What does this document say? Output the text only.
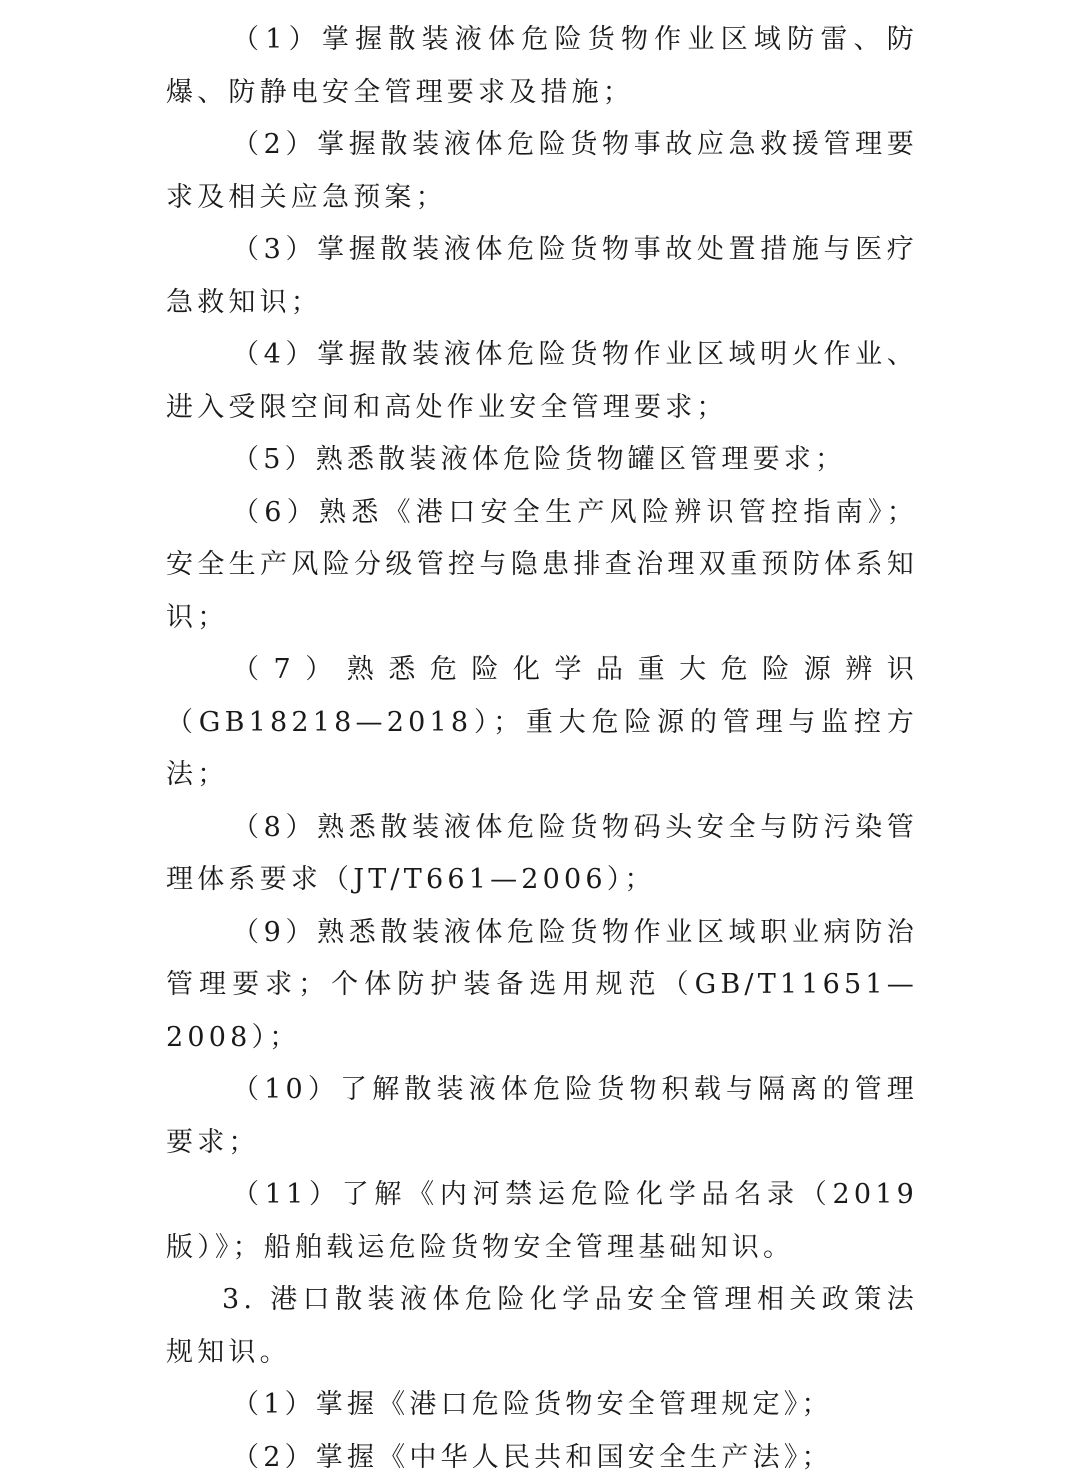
（1）掌握散装液体危险货物作业区域防雷、防爆、防静电安全管理要求及措施；

（2）掌握散装液体危险货物事故应急救援管理要求及相关应急预案；

（3）掌握散装液体危险货物事故处置措施与医疗急救知识；

（4）掌握散装液体危险货物作业区域明火作业、进入受限空间和高处作业安全管理要求；

（5）熟悉散装液体危险货物罐区管理要求；

（6）熟悉《港口安全生产风险辨识管控指南》；安全生产风险分级管控与隐患排查治理双重预防体系知识；

（7）熟悉危险化学品重大危险源辨识（GB18218—2018）；重大危险源的管理与监控方法；

（8）熟悉散装液体危险货物码头安全与防污染管理体系要求（JT/T661—2006）；

（9）熟悉散装液体危险货物作业区域职业病防治管理要求；个体防护装备选用规范（GB/T11651—2008）；

（10）了解散装液体危险货物积载与隔离的管理要求；

（11）了解《内河禁运危险化学品名录（2019版）》；船舶载运危险货物安全管理基础知识。

3. 港口散装液体危险化学品安全管理相关政策法规知识。

（1）掌握《港口危险货物安全管理规定》；

（2）掌握《中华人民共和国安全生产法》；
